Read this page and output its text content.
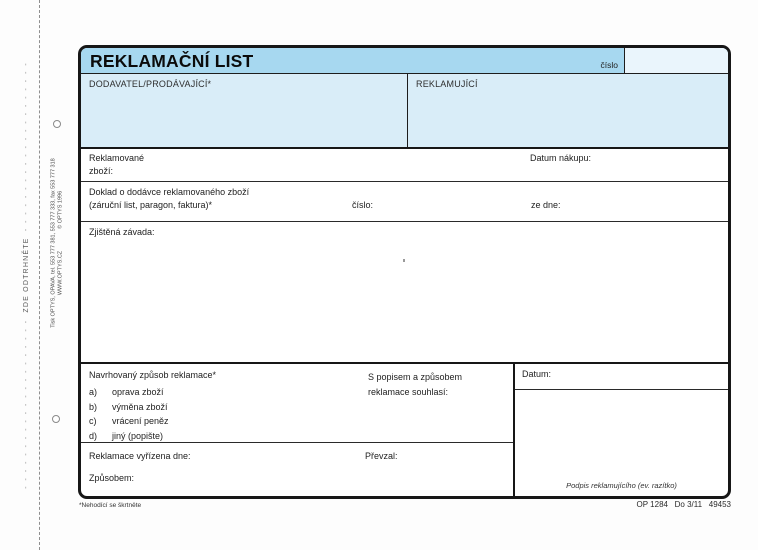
- - - - - - - - - - - - - - - - - - - - -  ZDE ODTRHNĚTE  - - - - - - - - - - - - - - - - - - - - -
Tisk OPTYS, OPAVA, tel. 553 777 381, 553 777 333, fax 553 777 318 WWW.OPTYS.CZ
© OPTYS 1996
REKLAMAČNÍ LIST	číslo
DODAVATEL/PRODÁVAJÍCÍ*	REKLAMUJÍCÍ
Reklamované
zboží:
Datum nákupu:
Doklad o dodávce reklamovaného zboží
(záruční list, paragon, faktura)*	číslo:	ze dne:
Zjištěná závada:
Navrhovaný způsob reklamace*
a)	oprava zboží
b)	výměna zboží
c)	vrácení peněz
d)	jiný (popište)
S popisem a způsobem
reklamace souhlasí:
Reklamace vyřízena dne:	Převzal:
Způsobem:
Datum:
Podpis reklamujícího (ev. razítko)
*Nehodící se škrtněte	OP 1284   Do 3/11   49453
